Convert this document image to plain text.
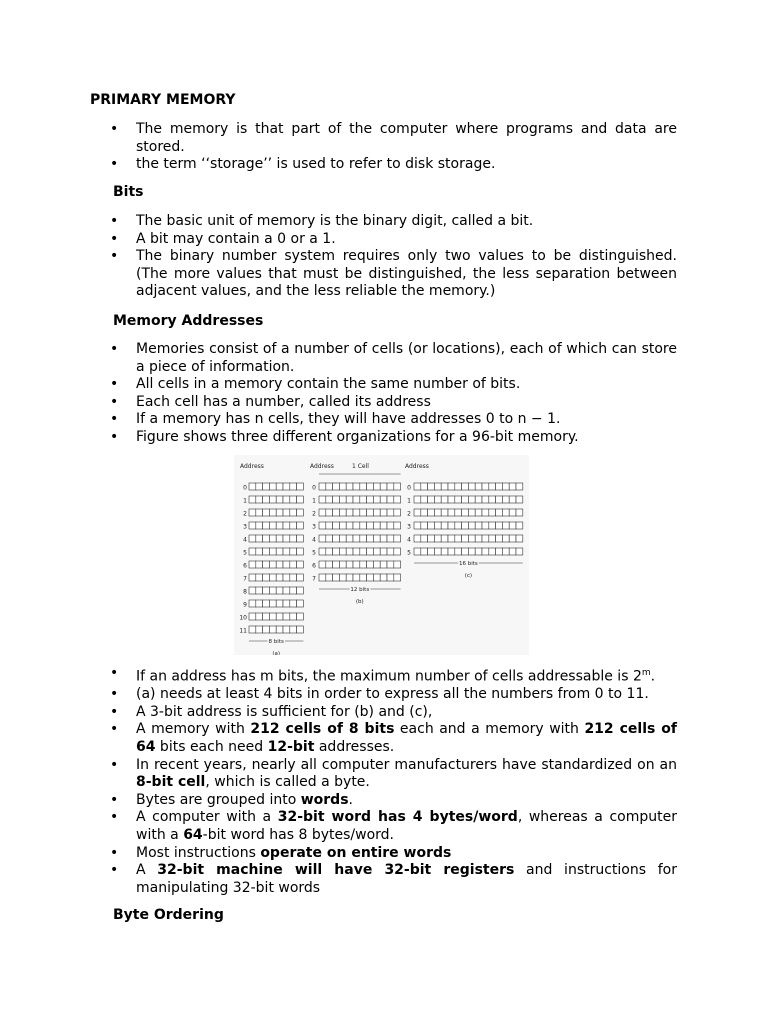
PRIMARY MEMORY
• The memory is that part of the computer where programs and data are stored.
• the term ‘‘storage’’ is used to refer to disk storage.
Bits
• The basic unit of memory is the binary digit, called a bit.
• A bit may contain a 0 or a 1.
• The binary number system requires only two values to be distinguished. (The more values that must be distinguished, the less separation between adjacent values, and the less reliable the memory.)
Memory Addresses
• Memories consist of a number of cells (or locations), each of which can store a piece of information.
• All cells in a memory contain the same number of bits.
• Each cell has a number, called its address
• If a memory has n cells, they will have addresses 0 to n − 1.
• Figure shows three different organizations for a 96-bit memory.
Address
0
1
2
3
4
5
6
7
8
9
10
11
8 bits
(a)
Address
0
1
2
3
4
5
6
7
12 bits
(b)
1 Cell	Address
0
1
2
3
4
5
16 bits
(c)
• If an address has m bits, the maximum number of cells addressable is 2$^m$.
• (a) needs at least 4 bits in order to express all the numbers from 0 to 11.
• A 3-bit address is sufficient for (b) and (c),
• A memory with 212 cells of 8 bits each and a memory with 212 cells of 64 bits each need 12-bit addresses.
• In recent years, nearly all computer manufacturers have standardized on an 8-bit cell, which is called a byte.
• Bytes are grouped into words.
• A computer with a 32-bit word has 4 bytes/word, whereas a computer with a 64-bit word has 8 bytes/word.
• Most instructions operate on entire words
• A 32-bit machine will have 32-bit registers and instructions for manipulating 32-bit words
Byte Ordering
